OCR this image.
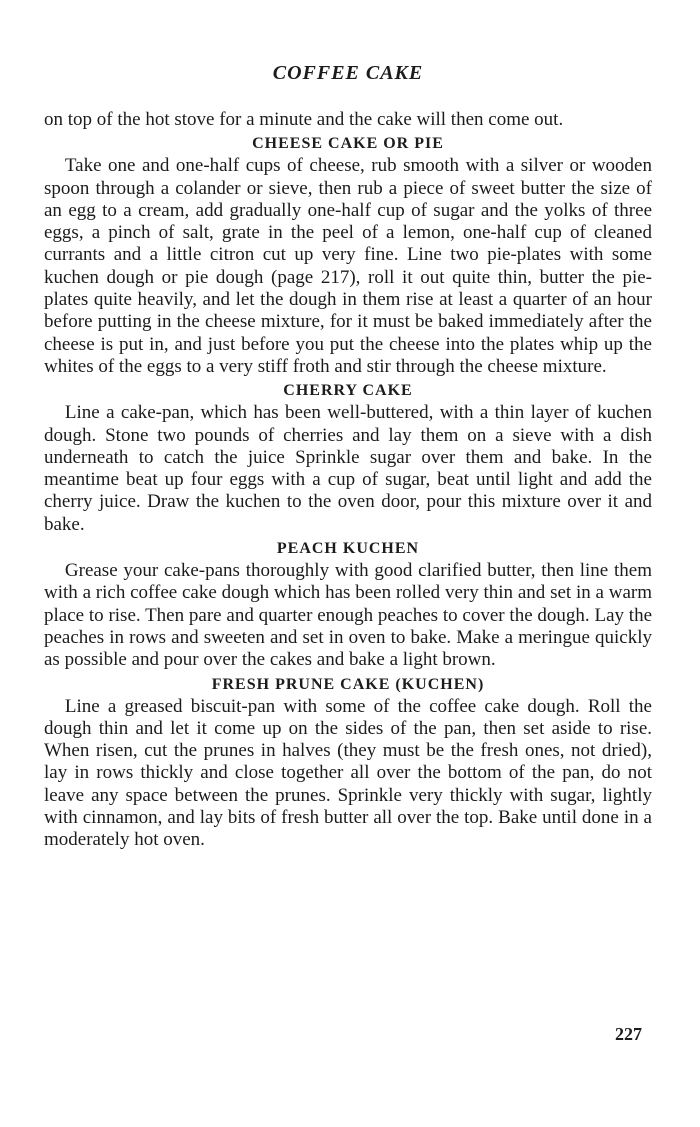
COFFEE CAKE

on top of the hot stove for a minute and the cake will then come out.

CHEESE CAKE OR PIE

Take one and one-half cups of cheese, rub smooth with a silver or wooden spoon through a colander or sieve, then rub a piece of sweet butter the size of an egg to a cream, add gradually one-half cup of sugar and the yolks of three eggs, a pinch of salt, grate in the peel of a lemon, one-half cup of cleaned currants and a little citron cut up very fine. Line two pie-plates with some kuchen dough or pie dough (page 217), roll it out quite thin, butter the pie-plates quite heavily, and let the dough in them rise at least a quarter of an hour before putting in the cheese mixture, for it must be baked immediately after the cheese is put in, and just before you put the cheese into the plates whip up the whites of the eggs to a very stiff froth and stir through the cheese mixture.

CHERRY CAKE

Line a cake-pan, which has been well-buttered, with a thin layer of kuchen dough. Stone two pounds of cherries and lay them on a sieve with a dish underneath to catch the juice Sprinkle sugar over them and bake. In the meantime beat up four eggs with a cup of sugar, beat until light and add the cherry juice. Draw the kuchen to the oven door, pour this mixture over it and bake.

PEACH KUCHEN

Grease your cake-pans thoroughly with good clarified butter, then line them with a rich coffee cake dough which has been rolled very thin and set in a warm place to rise. Then pare and quarter enough peaches to cover the dough. Lay the peaches in rows and sweeten and set in oven to bake. Make a meringue quickly as possible and pour over the cakes and bake a light brown.

FRESH PRUNE CAKE (KUCHEN)

Line a greased biscuit-pan with some of the coffee cake dough. Roll the dough thin and let it come up on the sides of the pan, then set aside to rise. When risen, cut the prunes in halves (they must be the fresh ones, not dried), lay in rows thickly and close together all over the bottom of the pan, do not leave any space between the prunes. Sprinkle very thickly with sugar, lightly with cinnamon, and lay bits of fresh butter all over the top. Bake until done in a moderately hot oven.

227
